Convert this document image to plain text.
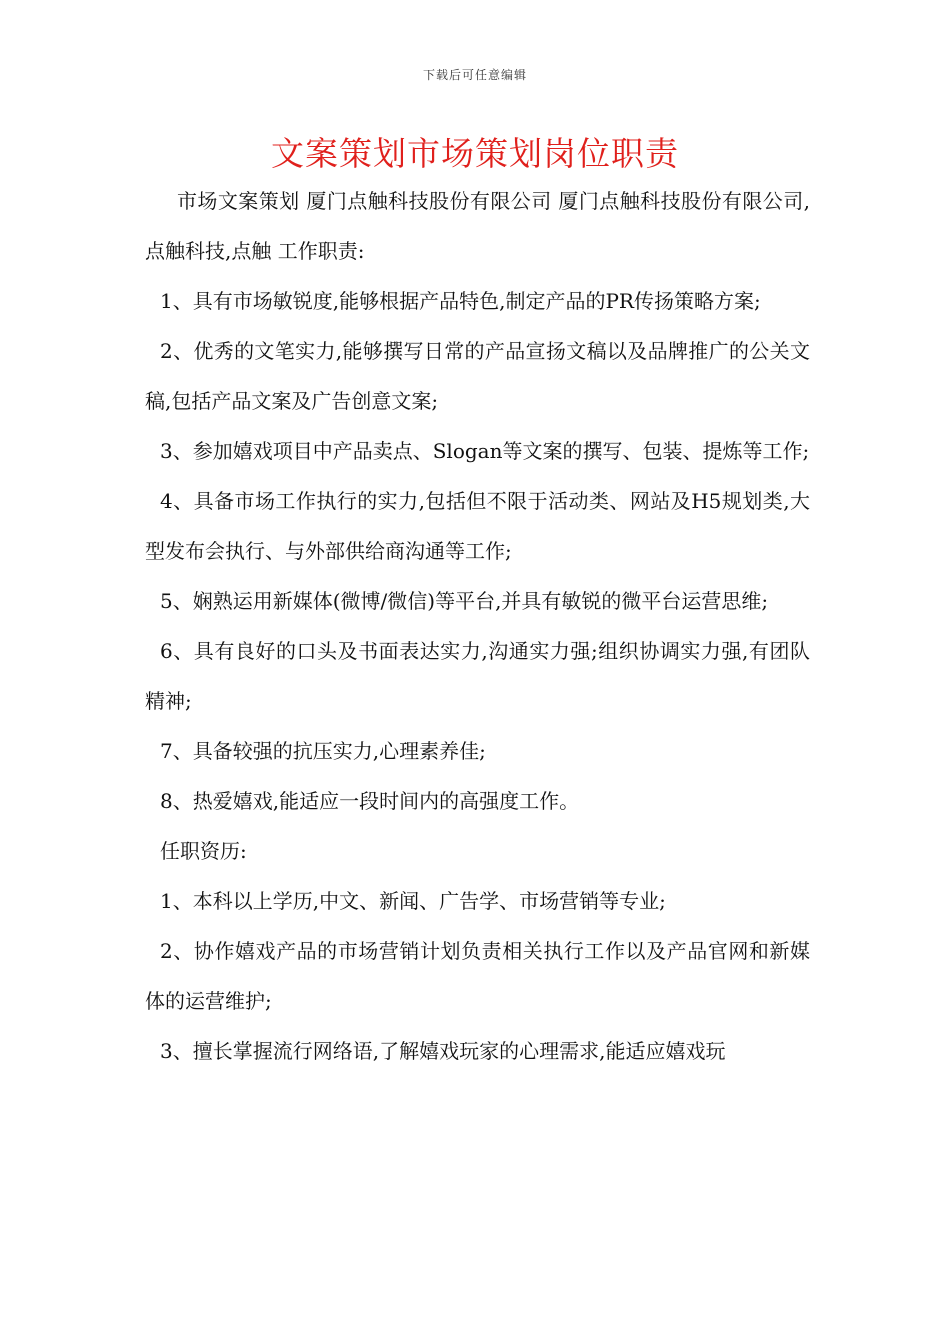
下载后可任意编辑
文案策划市场策划岗位职责

市场文案策划 厦门点触科技股份有限公司 厦门点触科技股份有限公司,点触科技,点触 工作职责:

1、具有市场敏锐度,能够根据产品特色,制定产品的PR传扬策略方案;

2、优秀的文笔实力,能够撰写日常的产品宣扬文稿以及品牌推广的公关文稿,包括产品文案及广告创意文案;

3、参加嬉戏项目中产品卖点、Slogan等文案的撰写、包装、提炼等工作;

4、具备市场工作执行的实力,包括但不限于活动类、网站及H5规划类,大型发布会执行、与外部供给商沟通等工作;

5、娴熟运用新媒体(微博/微信)等平台,并具有敏锐的微平台运营思维;

6、具有良好的口头及书面表达实力,沟通实力强;组织协调实力强,有团队精神;

7、具备较强的抗压实力,心理素养佳;

8、热爱嬉戏,能适应一段时间内的高强度工作。

任职资历:

1、本科以上学历,中文、新闻、广告学、市场营销等专业;

2、协作嬉戏产品的市场营销计划负责相关执行工作以及产品官网和新媒体的运营维护;

3、擅长掌握流行网络语,了解嬉戏玩家的心理需求,能适应嬉戏玩
